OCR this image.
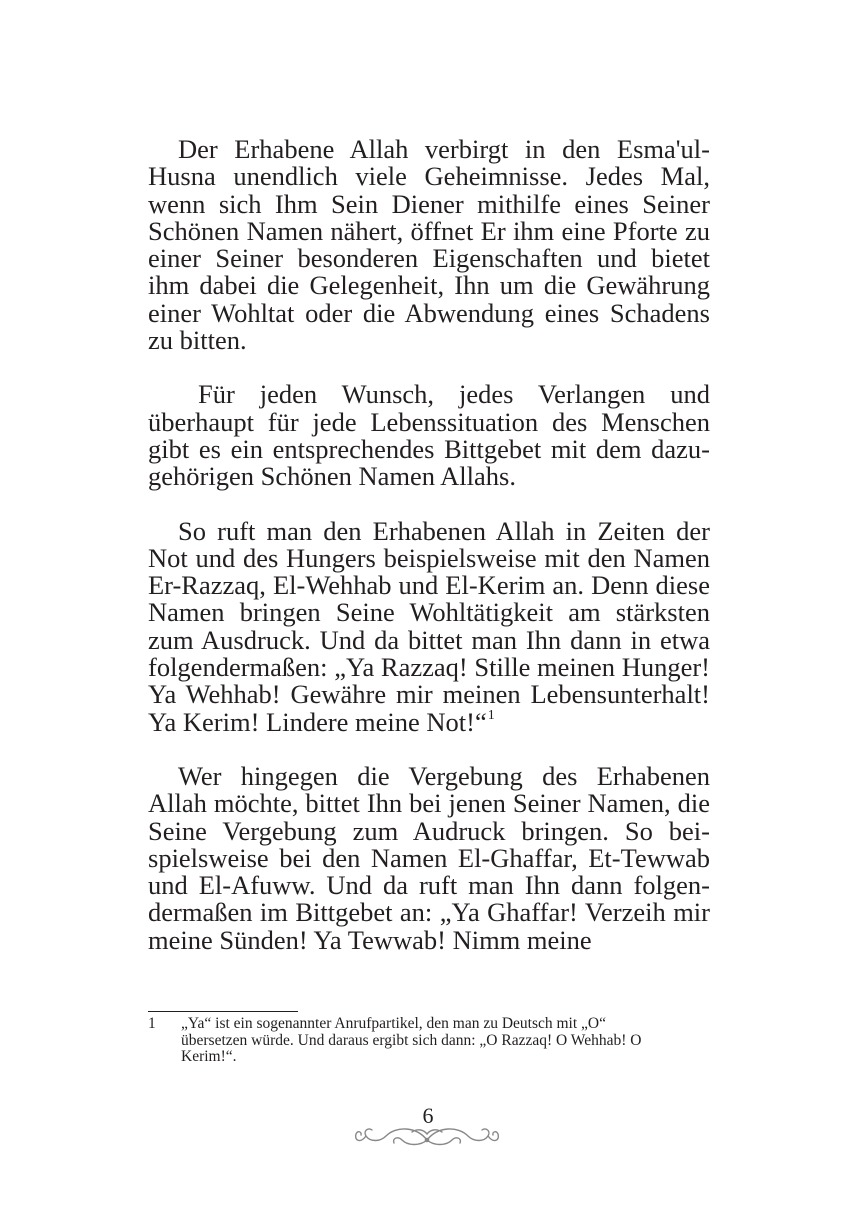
Der Erhabene Allah verbirgt in den Esma'ul-Husna unendlich viele Geheimnisse. Jedes Mal, wenn sich Ihm Sein Diener mithilfe eines Seiner Schönen Namen nähert, öffnet Er ihm eine Pforte zu einer Seiner besonderen Eigenschaften und bietet ihm dabei die Gelegenheit, Ihn um die Gewährung einer Wohltat oder die Abwendung eines Schadens zu bitten.

Für jeden Wunsch, jedes Verlangen und überhaupt für jede Lebenssituation des Menschen gibt es ein entsprechendes Bittgebet mit dem dazu-gehörigen Schönen Namen Allahs.

So ruft man den Erhabenen Allah in Zeiten der Not und des Hungers beispielsweise mit den Namen Er-Razzaq, El-Wehhab und El-Kerim an. Denn diese Namen bringen Seine Wohltätigkeit am stärksten zum Ausdruck. Und da bittet man Ihn dann in etwa folgendermaßen: „Ya Razzaq! Stille meinen Hunger! Ya Wehhab! Gewähre mir meinen Lebensunterhalt! Ya Kerim! Lindere meine Not!“$^1$

Wer hingegen die Vergebung des Erhabenen Allah möchte, bittet Ihn bei jenen Seiner Namen, die Seine Vergebung zum Audruck bringen. So bei-spielsweise bei den Namen El-Ghaffar, Et-Tewwab und El-Afuww. Und da ruft man Ihn dann folgen-dermaßen im Bittgebet an: „Ya Ghaffar! Verzeih mir meine Sünden! Ya Tewwab! Nimm meine

1 „Ya“ ist ein sogenannter Anrufpartikel, den man zu Deutsch mit „O“ übersetzen würde. Und daraus ergibt sich dann: „O Razzaq! O Wehhab! O Kerim!“.
6
